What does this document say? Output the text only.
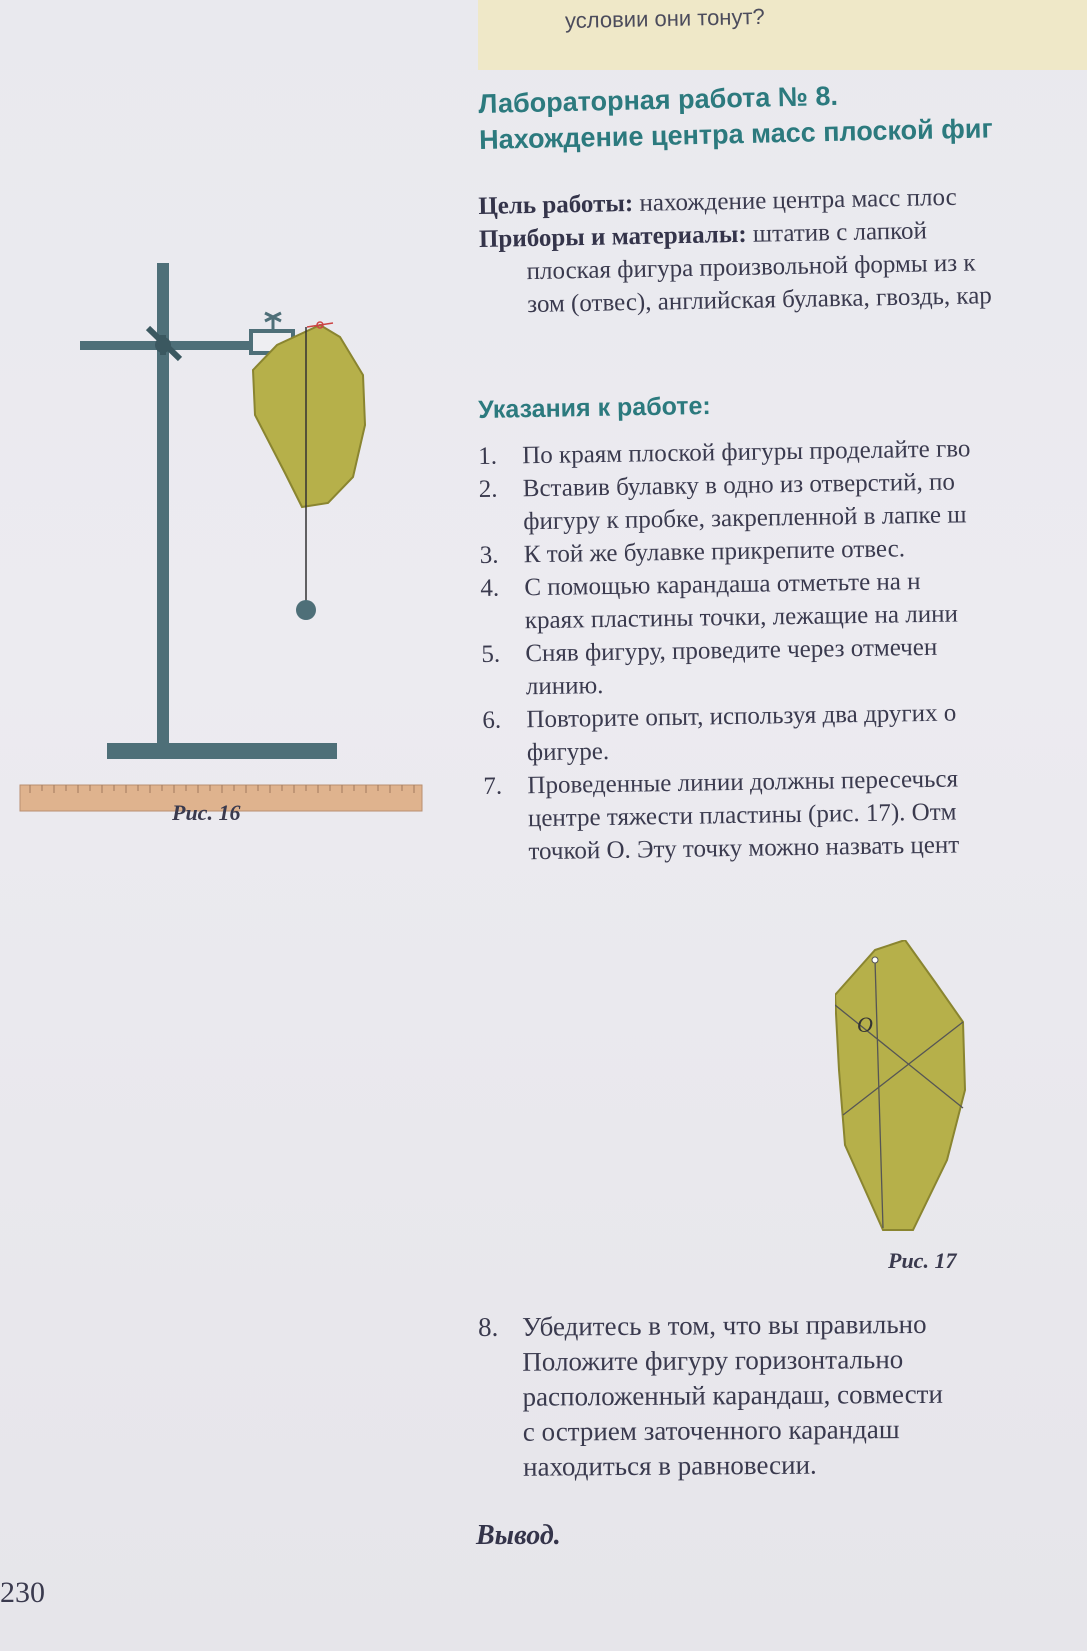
условии они тонут?
Лабораторная работа № 8.
Нахождение центра масс плоской фиг
Цель работы: нахождение центра масс плос
Приборы и материалы: штатив с лапкой
плоская фигура произвольной формы из к
зом (отвес), английская булавка, гвоздь, кар
Указания к работе:
1. По краям плоской фигуры проделайте гво
2. Вставив булавку в одно из отверстий, по
фигуру к пробке, закрепленной в лапке ш
3. К той же булавке прикрепите отвес.
4. С помощью карандаша отметьте на н
краях пластины точки, лежащие на лини
5. Сняв фигуру, проведите через отмечен
линию.
6. Повторите опыт, используя два других о
фигуре.
7. Проведенные линии должны пересечься
центре тяжести пластины (рис. 17). Отм
точкой O. Эту точку можно назвать цент
Рис. 16
O
Рис. 17
8. Убедитесь в том, что вы правильно
Положите фигуру горизонтально
расположенный карандаш, совмести
с острием заточенного карандаш
находиться в равновесии.
Вывод.
230
